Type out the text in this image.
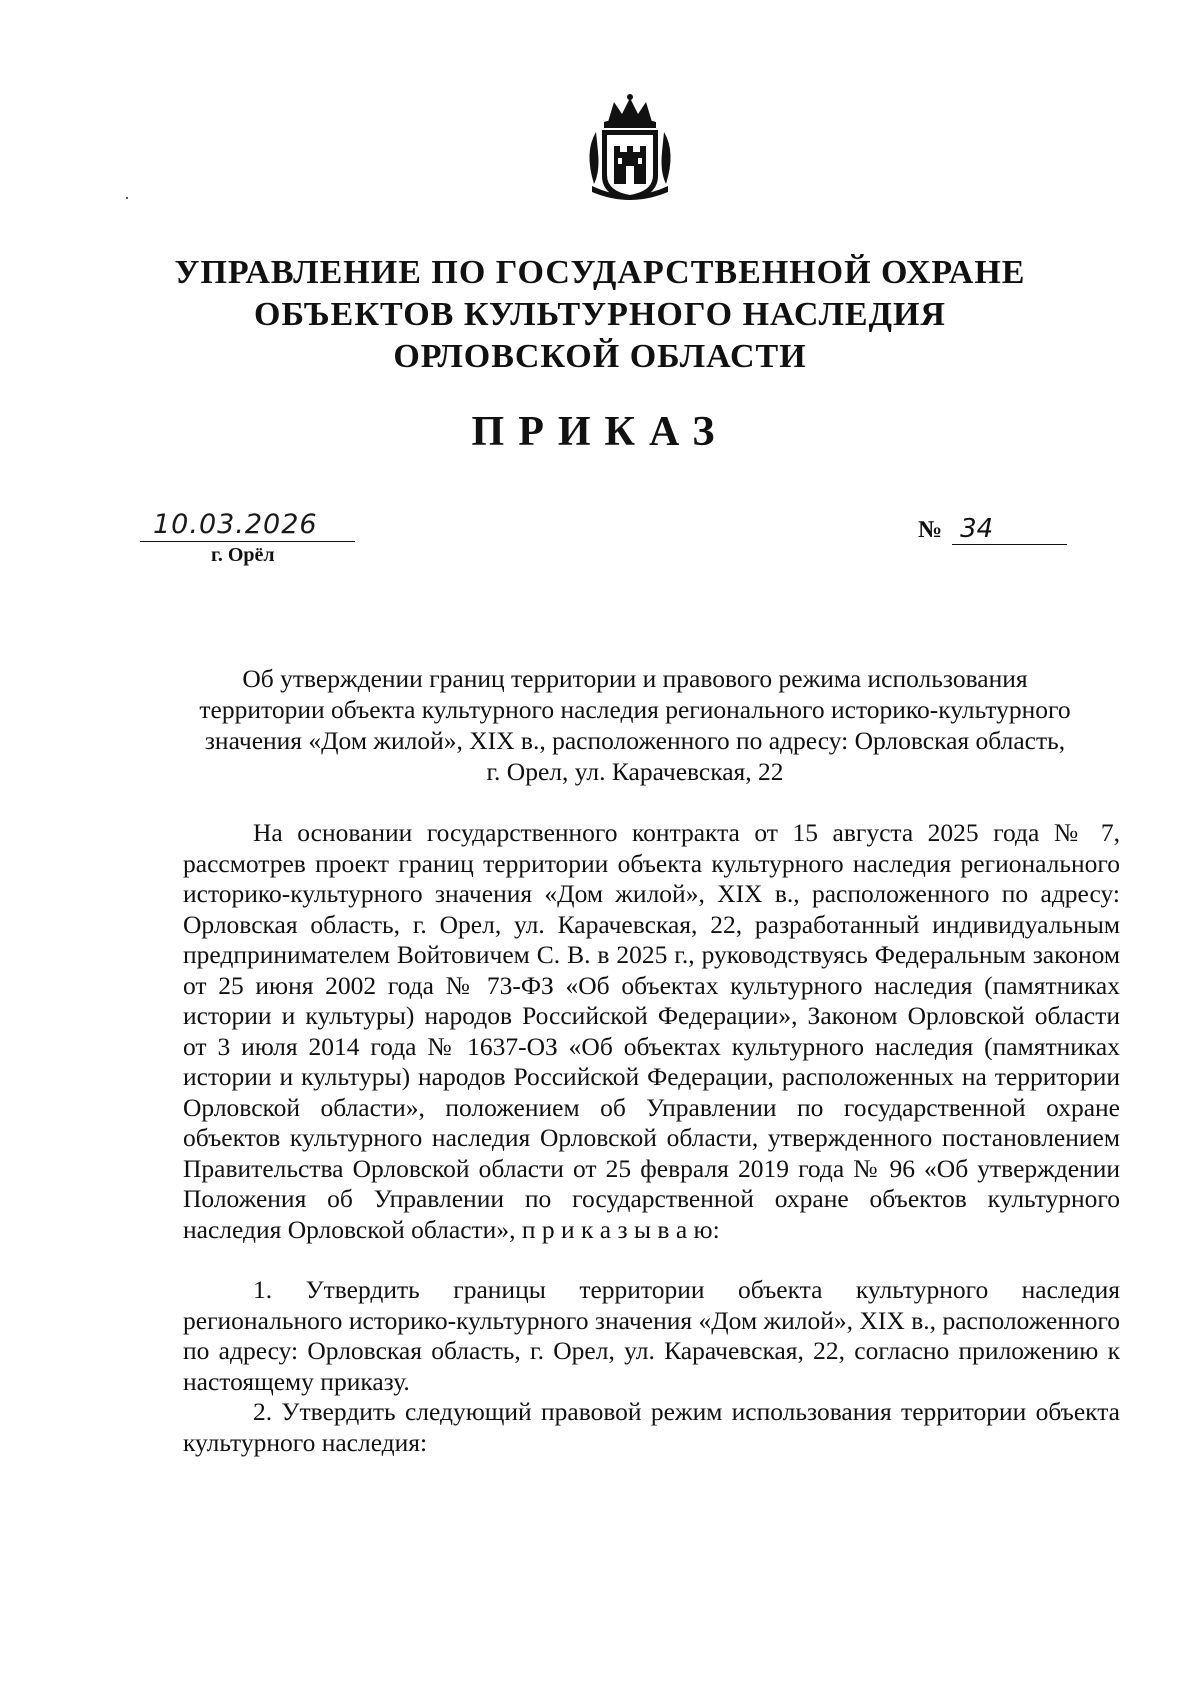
УПРАВЛЕНИЕ ПО ГОСУДАРСТВЕННОЙ ОХРАНЕ
ОБЪЕКТОВ КУЛЬТУРНОГО НАСЛЕДИЯ
ОРЛОВСКОЙ ОБЛАСТИ
ПРИКАЗ
10.03.2026
г. Орёл
№ 34
Об утверждении границ территории и правового режима использования
территории объекта культурного наследия регионального историко-культурного
значения «Дом жилой», XIX в., расположенного по адресу: Орловская область,
г. Орел, ул. Карачевская, 22

На основании государственного контракта от 15 августа 2025 года № 7, рассмотрев проект границ территории объекта культурного наследия регионального историко-культурного значения «Дом жилой», XIX в., расположенного по адресу: Орловская область, г. Орел, ул. Карачевская, 22, разработанный индивидуальным предпринимателем Войтовичем С. В. в 2025 г., руководствуясь Федеральным законом от 25 июня 2002 года № 73-ФЗ «Об объектах культурного наследия (памятниках истории и культуры) народов Российской Федерации», Законом Орловской области от 3 июля 2014 года № 1637-ОЗ «Об объектах культурного наследия (памятниках истории и культуры) народов Российской Федерации, расположенных на территории Орловской области», положением об Управлении по государственной охране объектов культурного наследия Орловской области, утвержденного постановлением Правительства Орловской области от 25 февраля 2019 года № 96 «Об утверждении Положения об Управлении по государственной охране объектов культурного наследия Орловской области», п р и к а з ы в а ю:

1. Утвердить границы территории объекта культурного наследия регионального историко-культурного значения «Дом жилой», XIX в., расположенного по адресу: Орловская область, г. Орел, ул. Карачевская, 22, согласно приложению к настоящему приказу.

2. Утвердить следующий правовой режим использования территории объекта культурного наследия:
